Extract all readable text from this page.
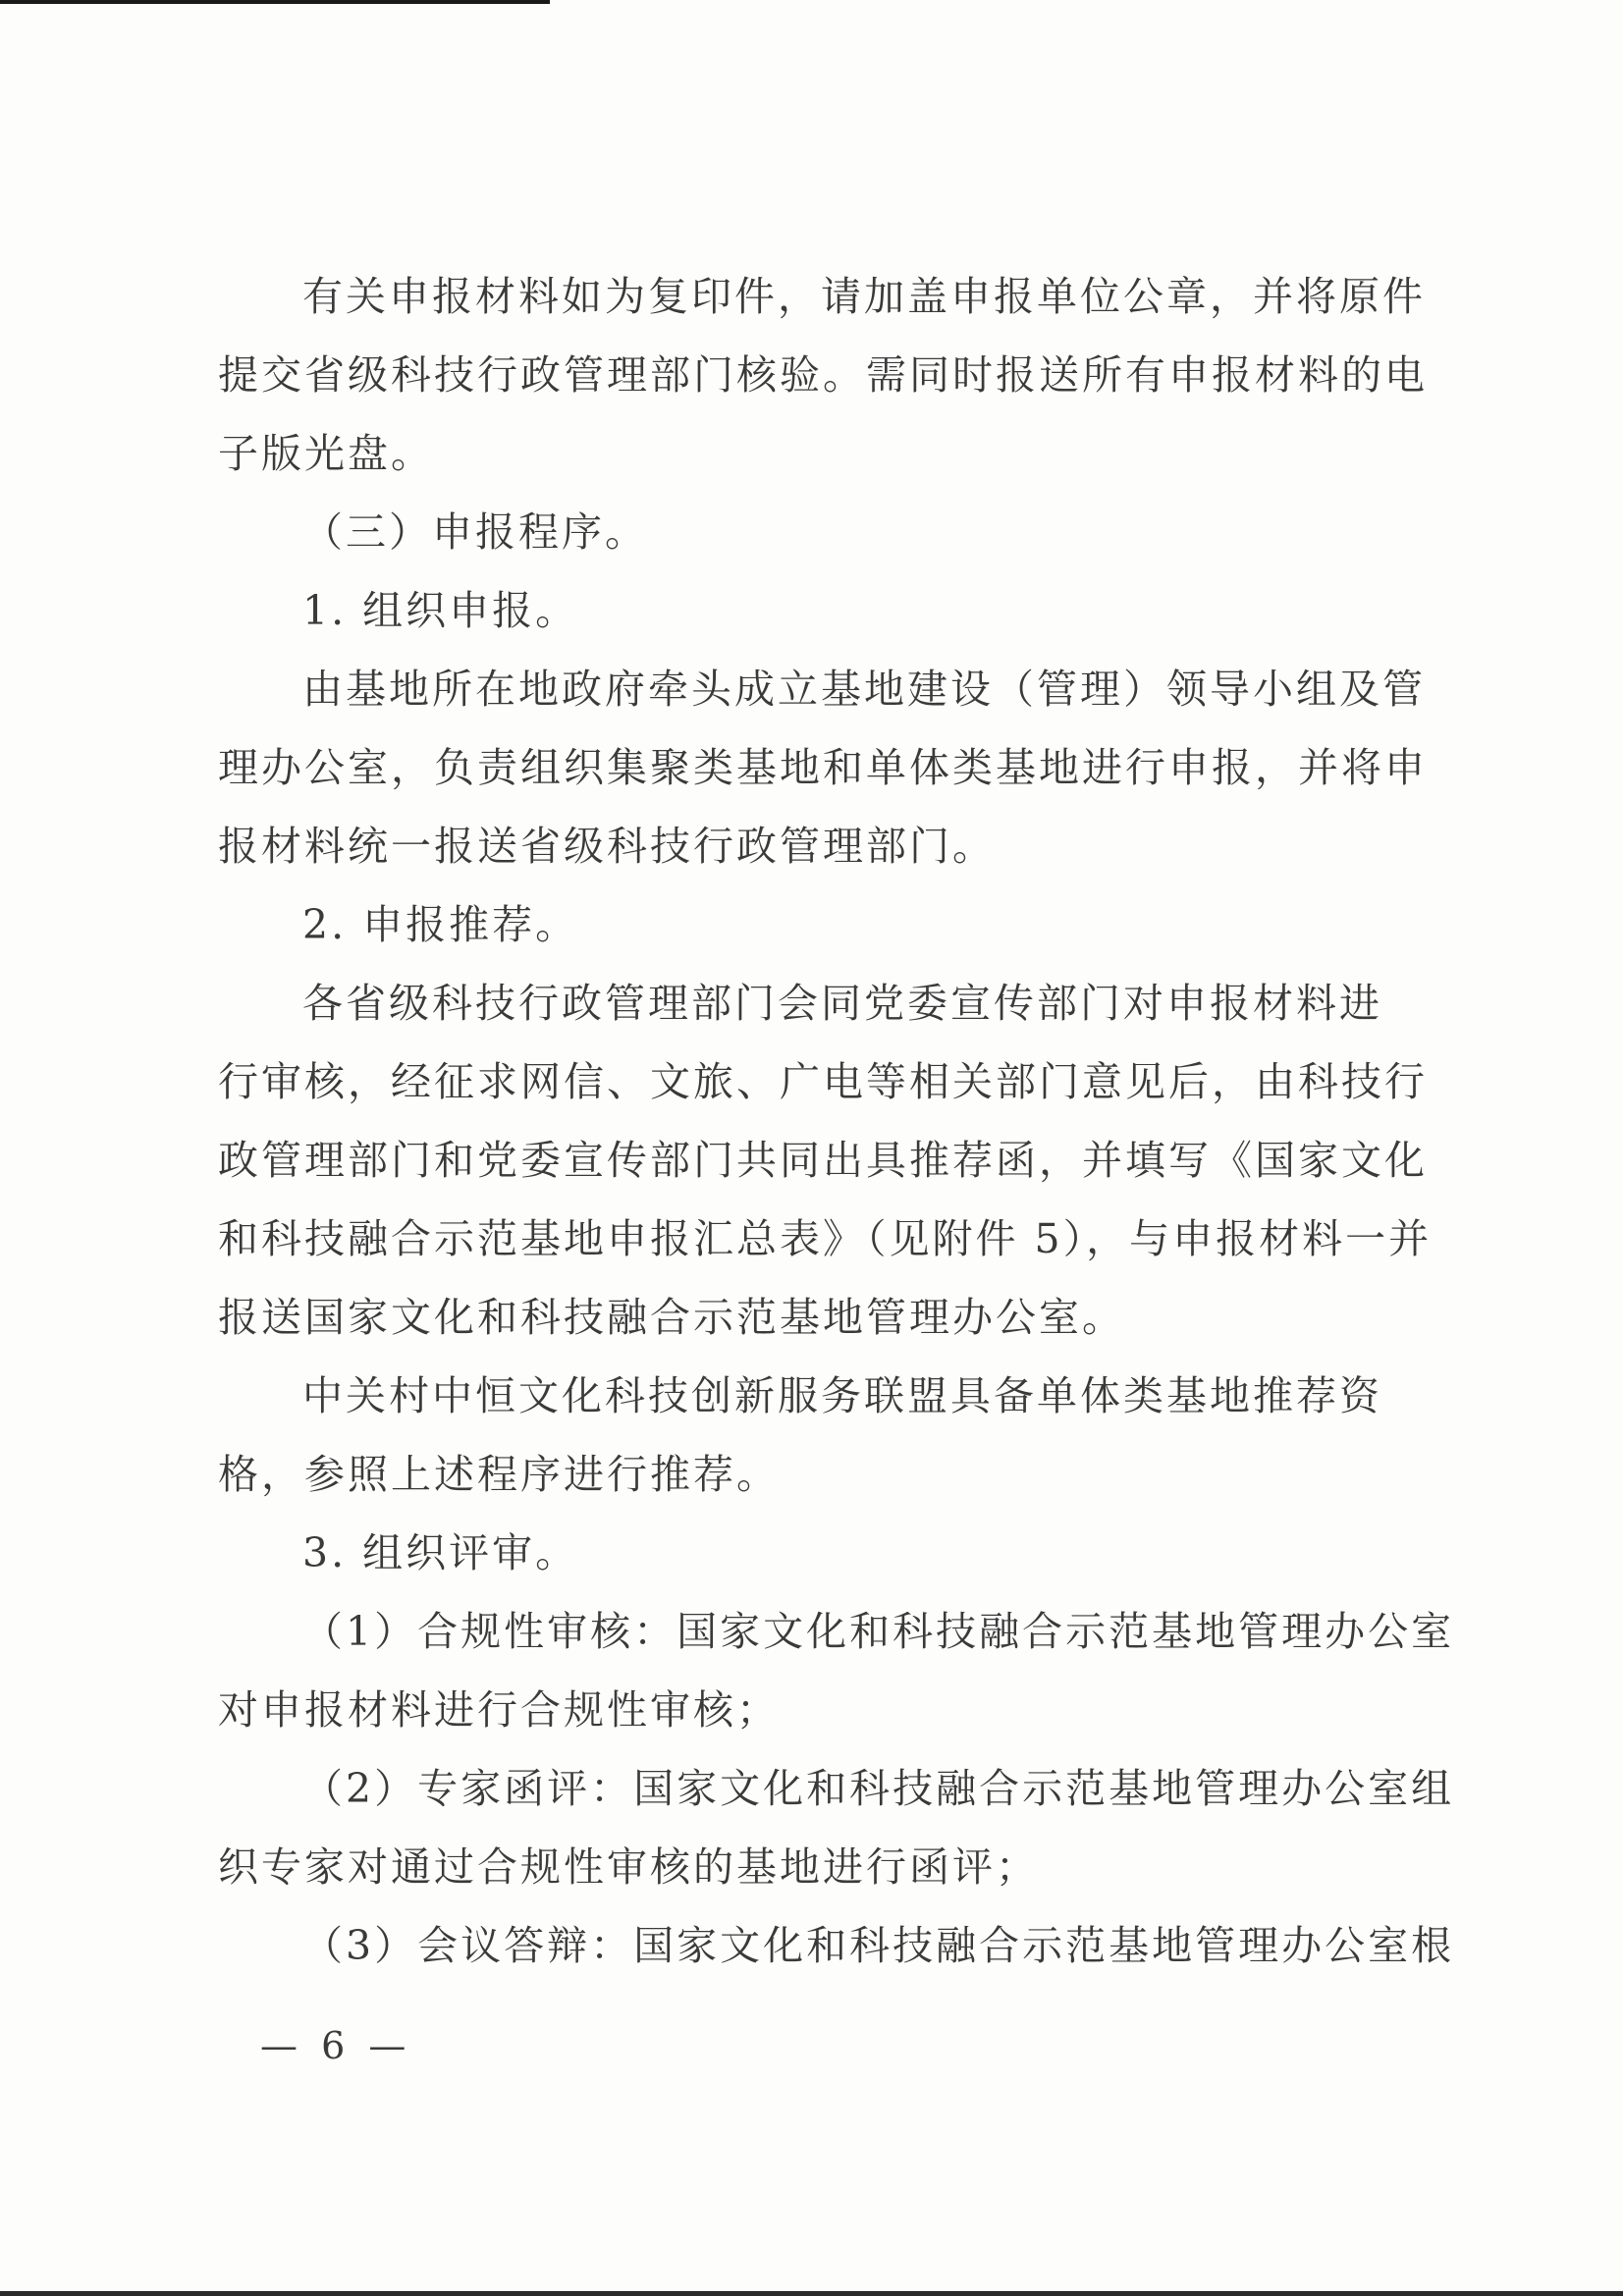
有关申报材料如为复印件，请加盖申报单位公章，并将原件
提交省级科技行政管理部门核验。需同时报送所有申报材料的电
子版光盘。
（三）申报程序。
1. 组织申报。
由基地所在地政府牵头成立基地建设（管理）领导小组及管
理办公室，负责组织集聚类基地和单体类基地进行申报，并将申
报材料统一报送省级科技行政管理部门。
2. 申报推荐。
各省级科技行政管理部门会同党委宣传部门对申报材料进
行审核，经征求网信、文旅、广电等相关部门意见后，由科技行
政管理部门和党委宣传部门共同出具推荐函，并填写《国家文化
和科技融合示范基地申报汇总表》（见附件 5），与申报材料一并
报送国家文化和科技融合示范基地管理办公室。
中关村中恒文化科技创新服务联盟具备单体类基地推荐资
格，参照上述程序进行推荐。
3. 组织评审。
（1）合规性审核：国家文化和科技融合示范基地管理办公室
对申报材料进行合规性审核；
（2）专家函评：国家文化和科技融合示范基地管理办公室组
织专家对通过合规性审核的基地进行函评；
（3）会议答辩：国家文化和科技融合示范基地管理办公室根
— 6 —
